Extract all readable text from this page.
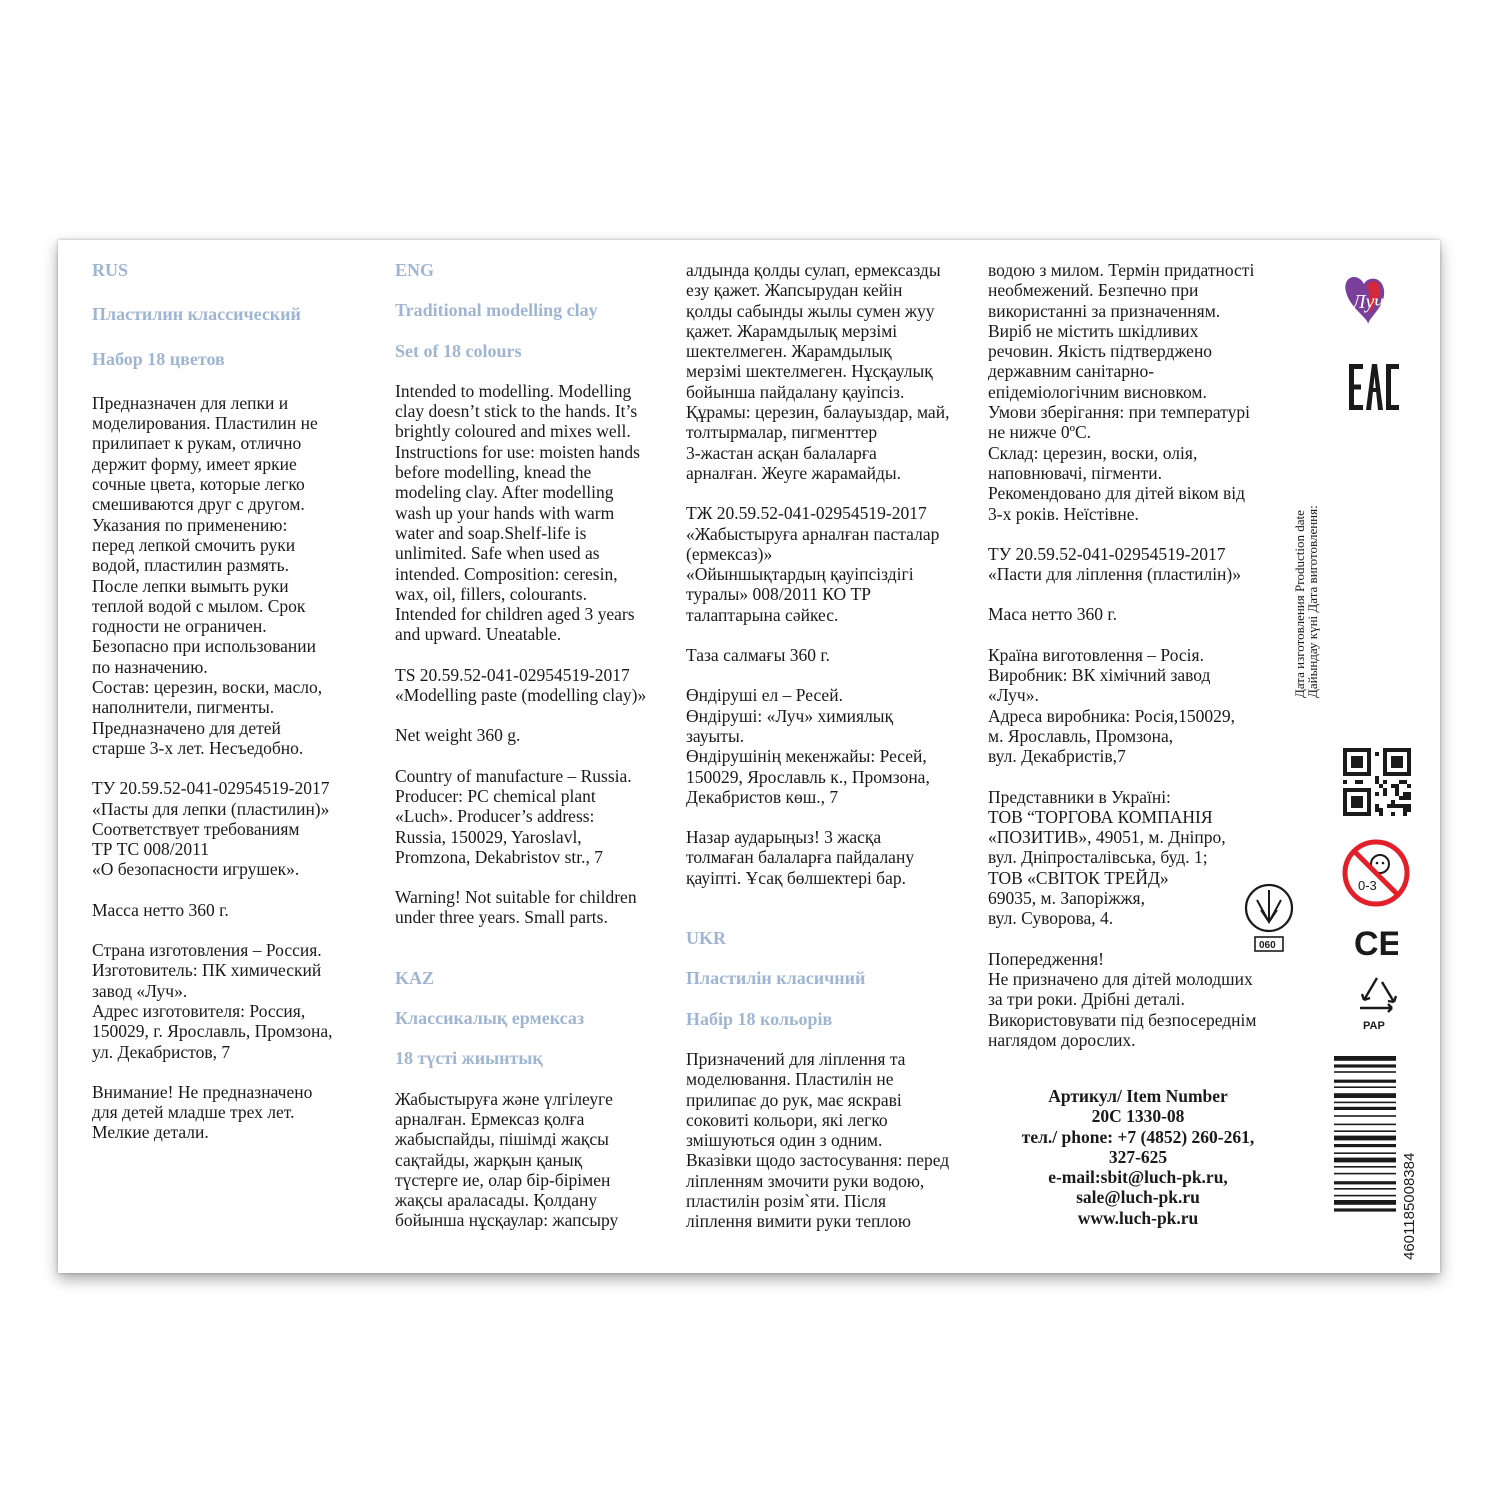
RUS

Пластилин классический

Набор 18 цветов

Предназначен для лепки и
моделирования. Пластилин не
прилипает к рукам, отлично
держит форму, имеет яркие
сочные цвета, которые легко
смешиваются друг с другом.
Указания по применению:
перед лепкой смочить руки
водой, пластилин размять.
После лепки вымыть руки
теплой водой с мылом. Срок
годности не ограничен.
Безопасно при использовании
по назначению.
Состав: церезин, воски, масло,
наполнители, пигменты.
Предназначено для детей
старше 3-х лет. Несъедобно.

ТУ 20.59.52-041-02954519-2017
«Пасты для лепки (пластилин)»
Соответствует требованиям
ТР ТС 008/2011
«О безопасности игрушек».

Масса нетто 360 г.

Страна изготовления – Россия.
Изготовитель: ПК химический
завод «Луч».
Адрес изготовителя: Россия,
150029, г. Ярославль, Промзона,
ул. Декабристов, 7

Внимание! Не предназначено
для детей младше трех лет.
Мелкие детали.

ENG

Traditional modelling clay

Set of 18 colours

Intended to modelling. Modelling
clay doesn’t stick to the hands. It’s
brightly coloured and mixes well.
Instructions for use: moisten hands
before modelling, knead the
modeling clay. After modelling
wash up your hands with warm
water and soap.Shelf-life is
unlimited. Safe when used as
intended. Composition: ceresin,
wax, oil, fillers, colourants.
Intended for children aged 3 years
and upward. Uneatable.

TS 20.59.52-041-02954519-2017
«Modelling paste (modelling clay)»

Net weight 360 g.

Country of manufacture – Russia.
Producer: PC chemical plant
«Luch». Producer’s address:
Russia, 150029, Yaroslavl,
Promzona, Dekabristov str., 7

Warning! Not suitable for children
under three years. Small parts.

KAZ

Классикалық ермексаз

18 түсті жиынтық

Жабыстыруға және үлгілеуге
арналған. Ермексаз қолға
жабыспайды, пішімді жақсы
сақтайды, жарқын қанық
түстерге ие, олар бір-бірімен
жақсы араласады. Қолдану
бойынша нұсқаулар: жапсыру

алдында қолды сулап, ермексазды
езу қажет. Жапсырудан кейін
қолды сабынды жылы сумен жуу
қажет. Жарамдылық мерзімі
шектелмеген. Жарамдылық
мерзімі шектелмеген. Нұсқаулық
бойынша пайдалану қауіпсіз.
Құрамы: церезин, балауыздар, май,
толтырмалар, пигменттер
3-жастан асқан балаларға
арналған. Жеуге жарамайды.

ТЖ 20.59.52-041-02954519-2017
«Жабыстыруға арналған пасталар
(ермексаз)»
«Ойыншықтардың қауіпсіздігі
туралы» 008/2011 КО ТР
талаптарына сәйкес.

Таза салмағы 360 г.

Өндіруші ел – Ресей.
Өндіруші: «Луч» химиялық
зауыты.
Өндірушінің мекенжайы: Ресей,
150029, Ярославль к., Промзона,
Декабристов көш., 7

Назар аударыңыз! 3 жасқа
толмаған балаларға пайдалану
қауіпті. Ұсақ бөлшектері бар.

UKR

Пластилін класичний

Набір 18 кольорів

Призначений для ліплення та
моделювання. Пластилін не
прилипає до рук, має яскраві
соковиті кольори, які легко
змішуються один з одним.
Вказівки щодо застосування: перед
ліпленням змочити руки водою,
пластилін розім`яти. Після
ліплення вимити руки теплою

водою з милом. Термін придатності
необмежений. Безпечно при
використанні за призначенням.
Виріб не містить шкідливих
речовин. Якість підтверджено
державним санітарно-
епідеміологічним висновком.
Умови зберігання: при температурі
не нижче 0ºС.
Склад: церезин, воски, олія,
наповнювачі, пігменти.
Рекомендовано для дітей віком від
3-х років. Неїстівне.

ТУ 20.59.52-041-02954519-2017
«Пасти для ліплення (пластилін)»

Маса нетто 360 г.

Країна виготовлення – Росія.
Виробник: ВК хімічний завод
«Луч».
Адреса виробника: Росія,150029,
м. Ярославль, Промзона,
вул. Декабристів,7

Представники в Україні:
ТОВ “ТОРГОВА КОМПАНІЯ
«ПОЗИТИВ», 49051, м. Дніпро,
вул. Дніпросталівська, буд. 1;
ТОВ «СВІТОК ТРЕЙД»
69035, м. Запоріжжя,
вул. Суворова, 4.

Попередження!
Не призначено для дітей молодших
за три роки. Дрібні деталі.
Використовувати під безпосереднім
наглядом дорослих.

Артикул/ Item Number
20С 1330-08
тел./ phone: +7 (4852) 260-261,
327-625
e-mail:sbit@luch-pk.ru,
sale@luch-pk.ru
www.luch-pk.ru
Дата изготовления Production date
Дайындау күні Дата виготовлення:
Луч
0-3
060 CE
PAP
4601185008384
